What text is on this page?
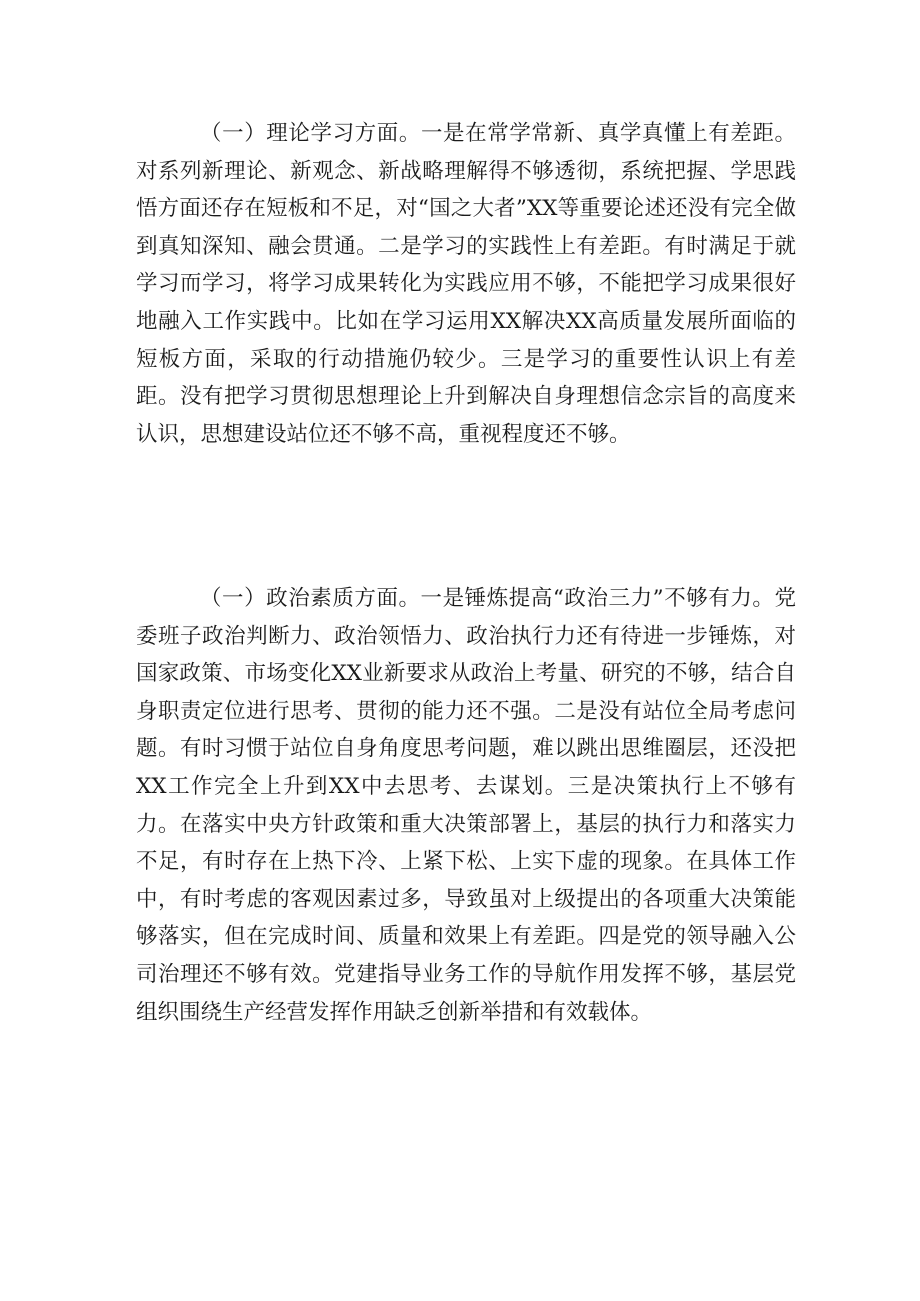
（一）理论学习方面。一是在常学常新、真学真懂上有差距。对系列新理论、新观念、新战略理解得不够透彻，系统把握、学思践悟方面还存在短板和不足，对“国之大者”XX等重要论述还没有完全做到真知深知、融会贯通。二是学习的实践性上有差距。有时满足于就学习而学习，将学习成果转化为实践应用不够，不能把学习成果很好地融入工作实践中。比如在学习运用XX解决XX高质量发展所面临的短板方面，采取的行动措施仍较少。三是学习的重要性认识上有差距。没有把学习贯彻思想理论上升到解决自身理想信念宗旨的高度来认识，思想建设站位还不够不高，重视程度还不够。

（一）政治素质方面。一是锤炼提高“政治三力”不够有力。党委班子政治判断力、政治领悟力、政治执行力还有待进一步锤炼，对国家政策、市场变化XX业新要求从政治上考量、研究的不够，结合自身职责定位进行思考、贯彻的能力还不强。二是没有站位全局考虑问题。有时习惯于站位自身角度思考问题，难以跳出思维圈层，还没把XX工作完全上升到XX中去思考、去谋划。三是决策执行上不够有力。在落实中央方针政策和重大决策部署上，基层的执行力和落实力不足，有时存在上热下冷、上紧下松、上实下虚的现象。在具体工作中，有时考虑的客观因素过多，导致虽对上级提出的各项重大决策能够落实，但在完成时间、质量和效果上有差距。四是党的领导融入公司治理还不够有效。党建指导业务工作的导航作用发挥不够，基层党组织围绕生产经营发挥作用缺乏创新举措和有效载体。
